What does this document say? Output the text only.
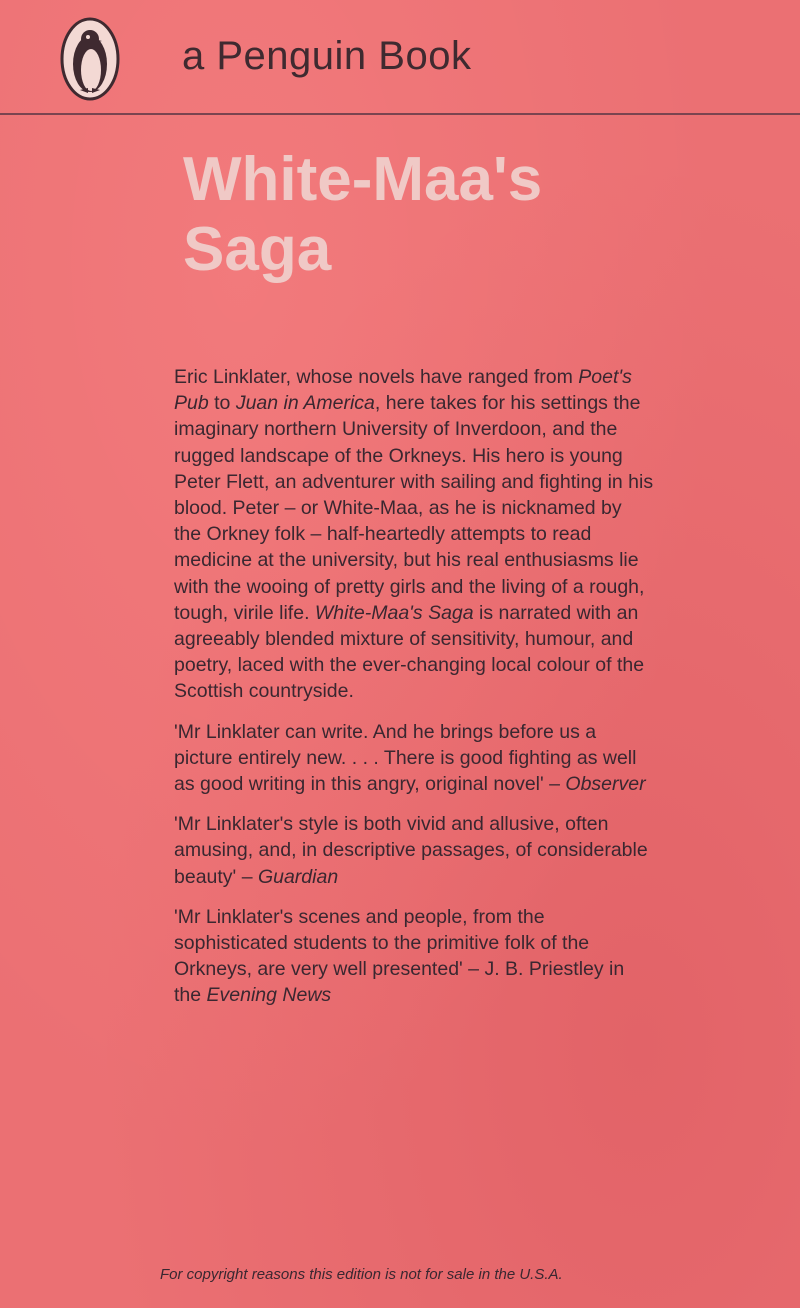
a Penguin Book
White-Maa's
Saga

Eric Linklater, whose novels have ranged from Poet's Pub to Juan in America, here takes for his settings the imaginary northern University of Inverdoon, and the rugged landscape of the Orkneys. His hero is young Peter Flett, an adventurer with sailing and fighting in his blood. Peter – or White-Maa, as he is nicknamed by the Orkney folk – half-heartedly attempts to read medicine at the university, but his real enthusiasms lie with the wooing of pretty girls and the living of a rough, tough, virile life. White-Maa's Saga is narrated with an agreeably blended mixture of sensitivity, humour, and poetry, laced with the ever-changing local colour of the Scottish countryside.

'Mr Linklater can write. And he brings before us a picture entirely new. . . . There is good fighting as well as good writing in this angry, original novel' – Observer

'Mr Linklater's style is both vivid and allusive, often amusing, and, in descriptive passages, of considerable beauty' – Guardian

'Mr Linklater's scenes and people, from the sophisticated students to the primitive folk of the Orkneys, are very well presented' – J. B. Priestley in the Evening News

For copyright reasons this edition is not for sale in the U.S.A.
